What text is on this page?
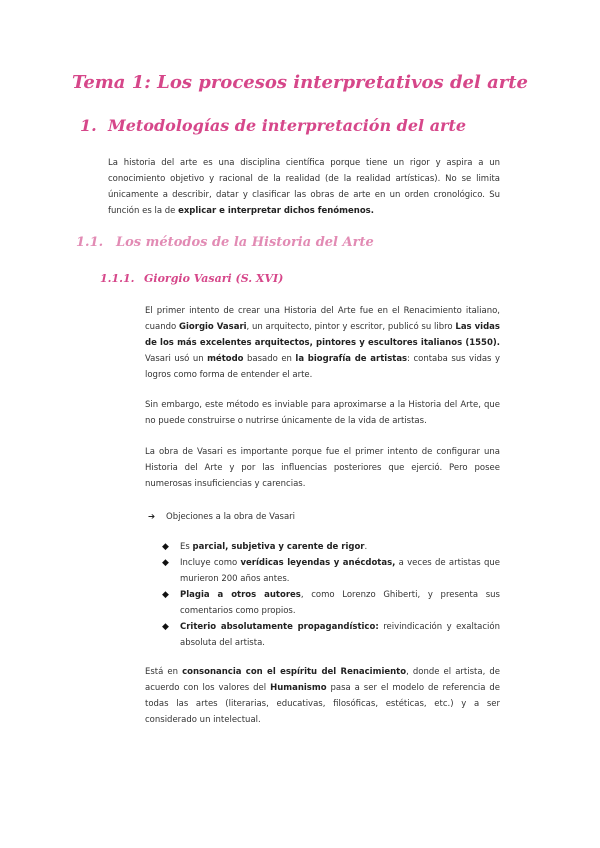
Tema 1: Los procesos interpretativos del arte
1. Metodologías de interpretación del arte

La historia del arte es una disciplina científica porque tiene un rigor y aspira a un conocimiento objetivo y racional de la realidad (de la realidad artísticas). No se limita únicamente a describir, datar y clasificar las obras de arte en un orden cronológico. Su función es la de explicar e interpretar dichos fenómenos.

1.1. Los métodos de la Historia del Arte
1.1.1. Giorgio Vasari (S. XVI)

El primer intento de crear una Historia del Arte fue en el Renacimiento italiano, cuando Giorgio Vasari, un arquitecto, pintor y escritor, publicó su libro Las vidas de los más excelentes arquitectos, pintores y escultores italianos (1550). Vasari usó un método basado en la biografía de artistas: contaba sus vidas y logros como forma de entender el arte.

Sin embargo, este método es inviable para aproximarse a la Historia del Arte, que no puede construirse o nutrirse únicamente de la vida de artistas.

La obra de Vasari es importante porque fue el primer intento de configurar una Historia del Arte y por las influencias posteriores que ejerció. Pero posee numerosas insuficiencias y carencias.

➔ Objeciones a la obra de Vasari
◆ Es parcial, subjetiva y carente de rigor.
◆ Incluye como verídicas leyendas y anécdotas, a veces de artistas que murieron 200 años antes.
◆ Plagia a otros autores, como Lorenzo Ghiberti, y presenta sus comentarios como propios.
◆ Criterio absolutamente propagandístico: reivindicación y exaltación absoluta del artista.

Está en consonancia con el espíritu del Renacimiento, donde el artista, de acuerdo con los valores del Humanismo pasa a ser el modelo de referencia de todas las artes (literarias, educativas, filosóficas, estéticas, etc.) y a ser considerado un intelectual.
